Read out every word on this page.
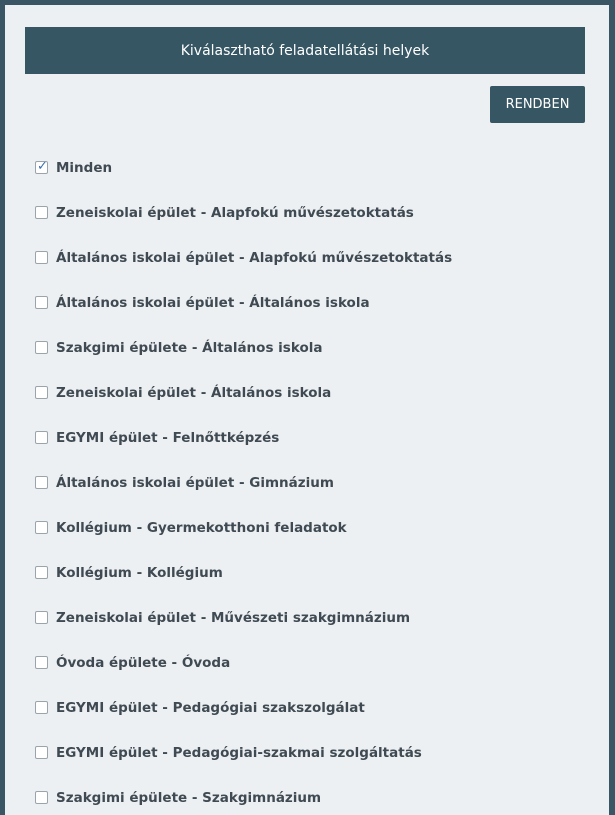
Kiválasztható feladatellátási helyek
RENDBEN
✓ Minden
Zeneiskolai épület - Alapfokú művészetoktatás
Általános iskolai épület - Alapfokú művészetoktatás
Általános iskolai épület - Általános iskola
Szakgimi épülete - Általános iskola
Zeneiskolai épület - Általános iskola
EGYMI épület - Felnőttképzés
Általános iskolai épület - Gimnázium
Kollégium - Gyermekotthoni feladatok
Kollégium - Kollégium
Zeneiskolai épület - Művészeti szakgimnázium
Óvoda épülete - Óvoda
EGYMI épület - Pedagógiai szakszolgálat
EGYMI épület - Pedagógiai-szakmai szolgáltatás
Szakgimi épülete - Szakgimnázium
